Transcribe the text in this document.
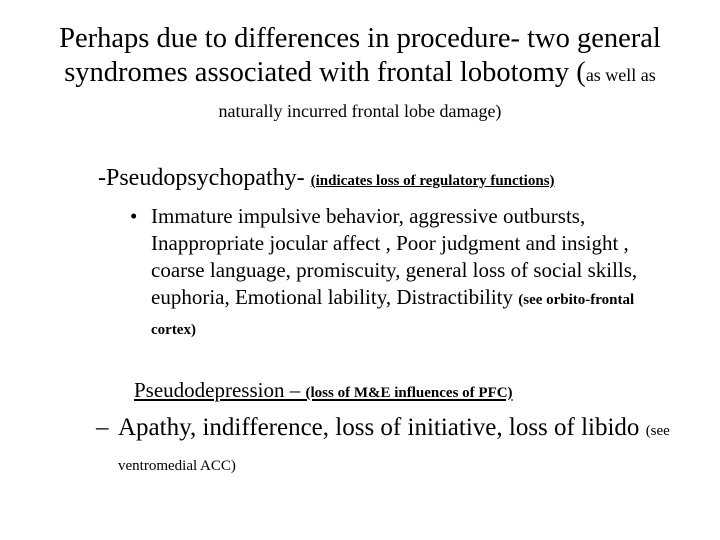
Perhaps due to differences in procedure- two general syndromes associated with frontal lobotomy (as well as naturally incurred frontal lobe damage)
-Pseudopsychopathy- (indicates loss of regulatory functions)
• Immature impulsive behavior, aggressive outbursts, Inappropriate jocular affect , Poor judgment and insight , coarse language, promiscuity, general loss of social skills, euphoria, Emotional lability, Distractibility (see orbito-frontal cortex)
Pseudodepression – (loss of M&E influences of PFC)
– Apathy, indifference, loss of initiative, loss of libido (see ventromedial ACC)
